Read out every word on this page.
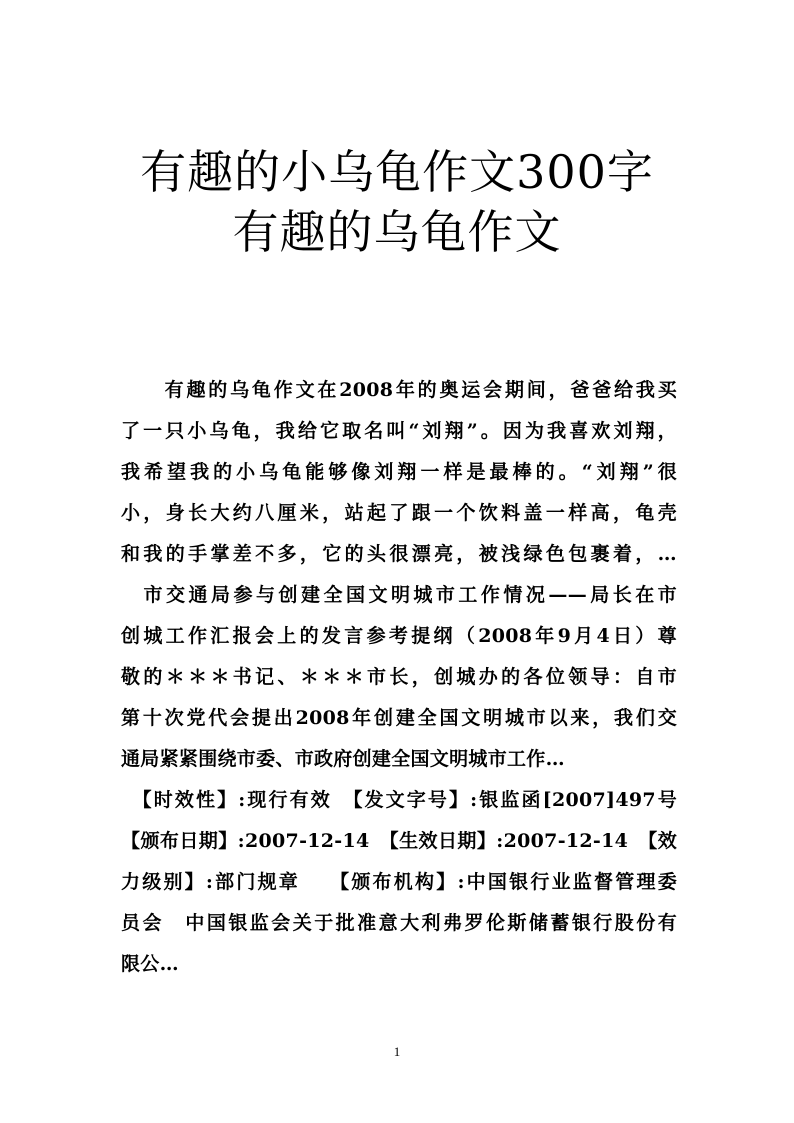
有趣的小乌龟作文300字
有趣的乌龟作文
　　有趣的乌龟作文在2008年的奥运会期间，爸爸给我买
了一只小乌龟，我给它取名叫“刘翔”。因为我喜欢刘翔，
我希望我的小乌龟能够像刘翔一样是最棒的。“刘翔”很
小，身长大约八厘米，站起了跟一个饮料盖一样高，龟壳
和我的手掌差不多，它的头很漂亮，被浅绿色包裹着，…
　市交通局参与创建全国文明城市工作情况——局长在市
创城工作汇报会上的发言参考提纲（2008年9月4日）尊
敬的＊＊＊书记、＊＊＊市长，创城办的各位领导：自市
第十次党代会提出2008年创建全国文明城市以来，我们交
通局紧紧围绕市委、市政府创建全国文明城市工作…
　【时效性】:现行有效　【发文字号】:银监函[2007]497号
【颁布日期】:2007-12-14　【生效日期】:2007-12-14　【效
力级别】:部门规章　 【颁布机构】:中国银行业监督管理委
员会　中国银监会关于批准意大利弗罗伦斯储蓄银行股份有
限公…
1
